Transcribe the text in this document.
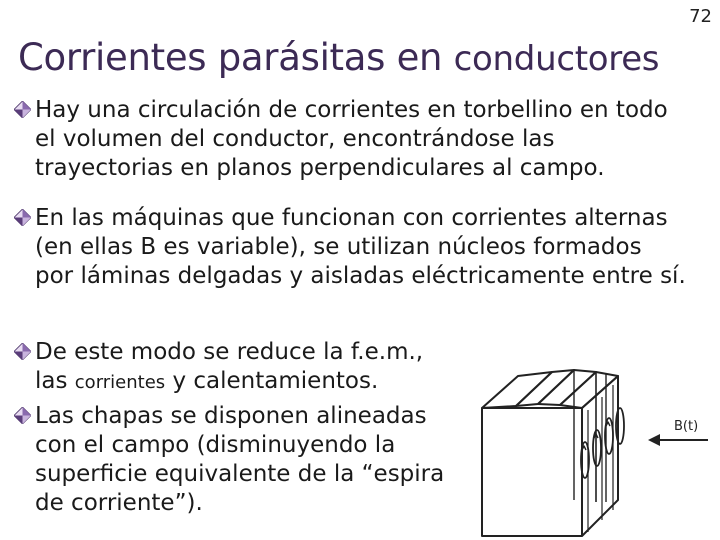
72
Corrientes parásitas en conductores
Hay una circulación de corrientes en torbellino en todo
el volumen del conductor, encontrándose las
trayectorias en planos perpendiculares al campo.
En las máquinas que funcionan con corrientes alternas
(en ellas B es variable), se utilizan núcleos formados
por láminas delgadas y aisladas eléctricamente entre sí.
De este modo se reduce la f.e.m.,
las corrientes y calentamientos.
Las chapas se disponen alineadas
con el campo (disminuyendo la
superficie equivalente de la “espira
de corriente”).
B(t)
